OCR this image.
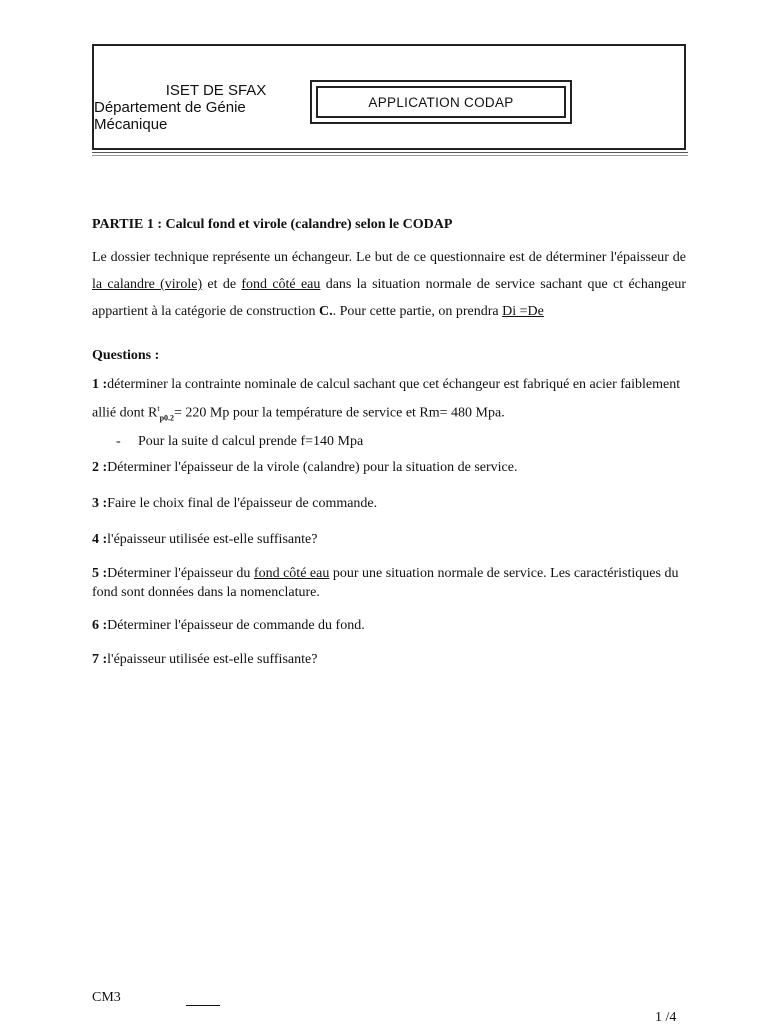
ISET DE SFAX
Département de Génie Mécanique
APPLICATION CODAP

PARTIE 1 : Calcul fond et virole (calandre) selon le CODAP

Le dossier technique représente un échangeur. Le but de ce questionnaire est de déterminer l'épaisseur de la calandre (virole) et de fond côté eau dans la situation normale de service sachant que ct échangeur appartient à la catégorie de construction C.. Pour cette partie, on prendra Di =De

Questions :

1 :déterminer la contrainte nominale de calcul sachant que cet échangeur est fabriqué en acier faiblement allié dont $R^t_{p0.2}= 220$ Mp pour la température de service et Rm= 480 Mpa.

- Pour la suite d calcul prende f=140 Mpa

2 :Déterminer l'épaisseur de la virole (calandre) pour la situation de service.

3 :Faire le choix final de l'épaisseur de commande.

4 :l'épaisseur utilisée est-elle suffisante?

5 :Déterminer l'épaisseur du fond côté eau pour une situation normale de service. Les caractéristiques du fond sont données dans la nomenclature.

6 :Déterminer l'épaisseur de commande du fond.

7 :l'épaisseur utilisée est-elle suffisante?

CM3
1 /4
